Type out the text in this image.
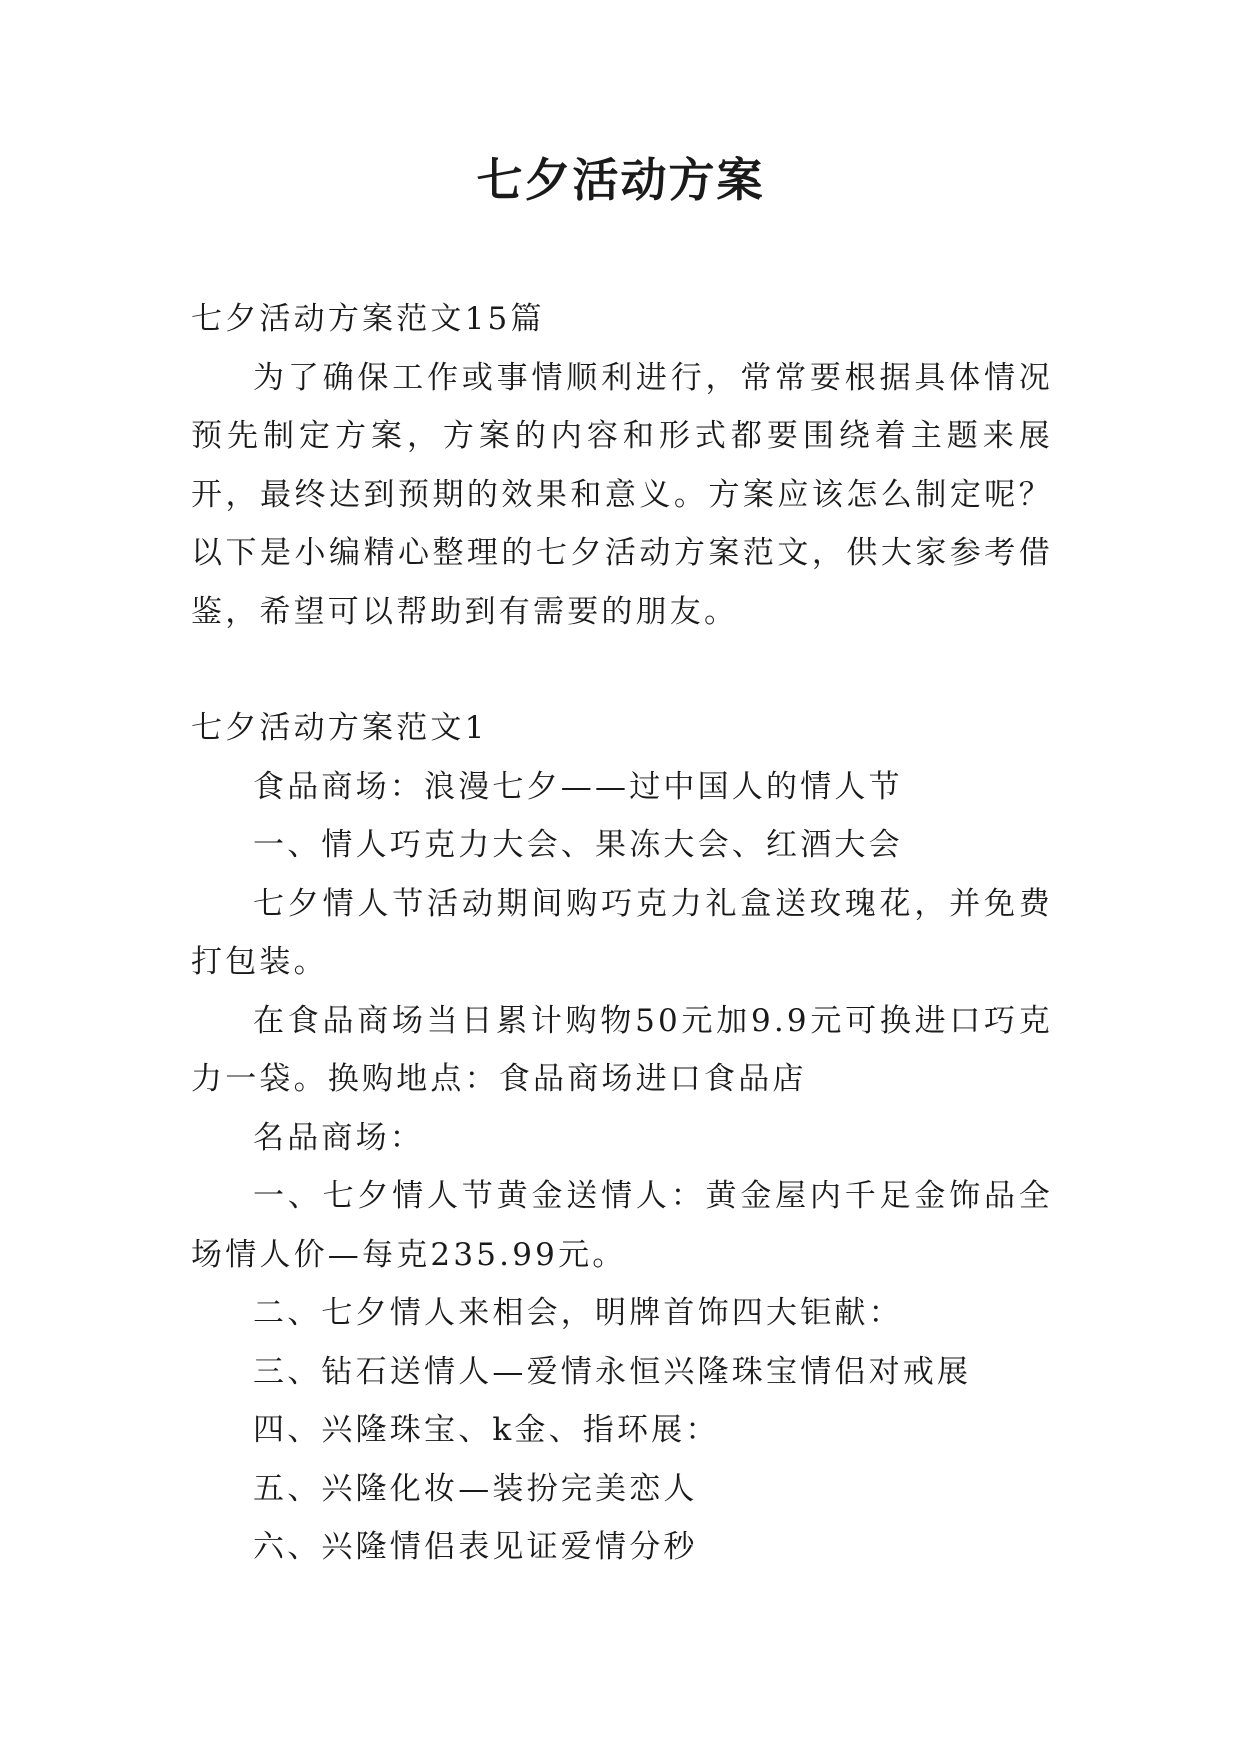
七夕活动方案

七夕活动方案范文15篇

为了确保工作或事情顺利进行，常常要根据具体情况预先制定方案，方案的内容和形式都要围绕着主题来展开，最终达到预期的效果和意义。方案应该怎么制定呢？以下是小编精心整理的七夕活动方案范文，供大家参考借鉴，希望可以帮助到有需要的朋友。

七夕活动方案范文1

食品商场：浪漫七夕——过中国人的情人节

一、情人巧克力大会、果冻大会、红酒大会

七夕情人节活动期间购巧克力礼盒送玫瑰花，并免费打包装。

在食品商场当日累计购物50元加9.9元可换进口巧克力一袋。换购地点：食品商场进口食品店

名品商场：

一、七夕情人节黄金送情人：黄金屋内千足金饰品全场情人价—每克235.99元。

二、七夕情人来相会，明牌首饰四大钜献：

三、钻石送情人—爱情永恒兴隆珠宝情侣对戒展

四、兴隆珠宝、k金、指环展：

五、兴隆化妆—装扮完美恋人

六、兴隆情侣表见证爱情分秒
